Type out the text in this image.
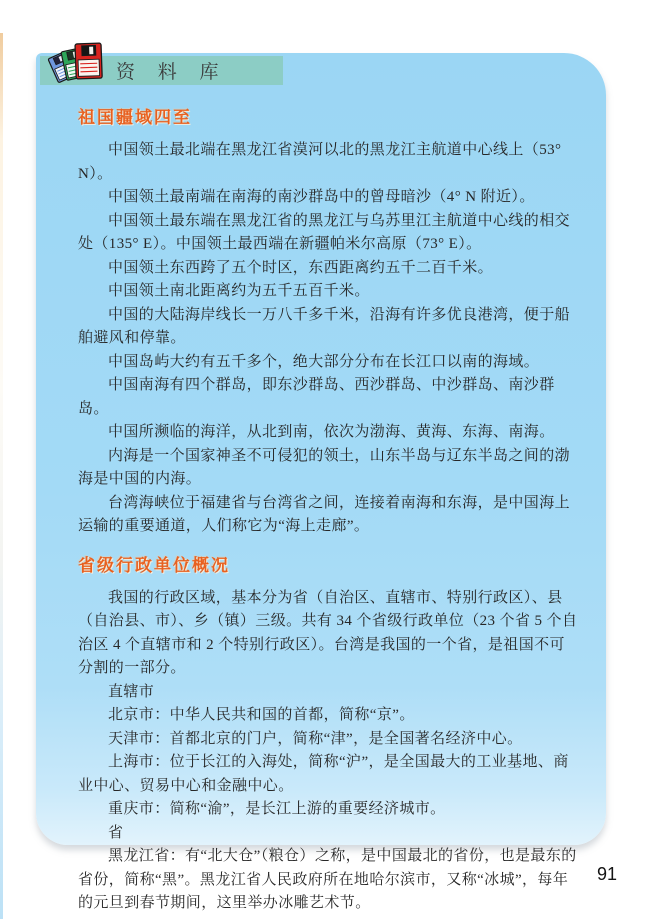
祖国疆域四至

中国领土最北端在黑龙江省漠河以北的黑龙江主航道中心线上（53° N）。

中国领土最南端在南海的南沙群岛中的曾母暗沙（4° N 附近）。

中国领土最东端在黑龙江省的黑龙江与乌苏里江主航道中心线的相交处（135° E）。中国领土最西端在新疆帕米尔高原（73° E）。

中国领土东西跨了五个时区，东西距离约五千二百千米。

中国领土南北距离约为五千五百千米。

中国的大陆海岸线长一万八千多千米，沿海有许多优良港湾，便于船舶避风和停靠。

中国岛屿大约有五千多个，绝大部分分布在长江口以南的海域。

中国南海有四个群岛，即东沙群岛、西沙群岛、中沙群岛、南沙群岛。

中国所濒临的海洋，从北到南，依次为渤海、黄海、东海、南海。

内海是一个国家神圣不可侵犯的领土，山东半岛与辽东半岛之间的渤海是中国的内海。

台湾海峡位于福建省与台湾省之间，连接着南海和东海，是中国海上运输的重要通道，人们称它为“海上走廊”。

省级行政单位概况

我国的行政区域，基本分为省（自治区、直辖市、特别行政区）、县（自治县、市）、乡（镇）三级。共有 34 个省级行政单位（23 个省 5 个自治区 4 个直辖市和 2 个特别行政区）。台湾是我国的一个省，是祖国不可分割的一部分。

直辖市

北京市：中华人民共和国的首都，简称“京”。

天津市：首都北京的门户，简称“津”，是全国著名经济中心。

上海市：位于长江的入海处，简称“沪”，是全国最大的工业基地、商业中心、贸易中心和金融中心。

重庆市：简称“渝”，是长江上游的重要经济城市。

省

黑龙江省：有“北大仓”（粮仓）之称，是中国最北的省份，也是最东的省份，简称“黑”。黑龙江省人民政府所在地哈尔滨市，又称“冰城”，每年的元旦到春节期间，这里举办冰雕艺术节。

资 料 库
91
